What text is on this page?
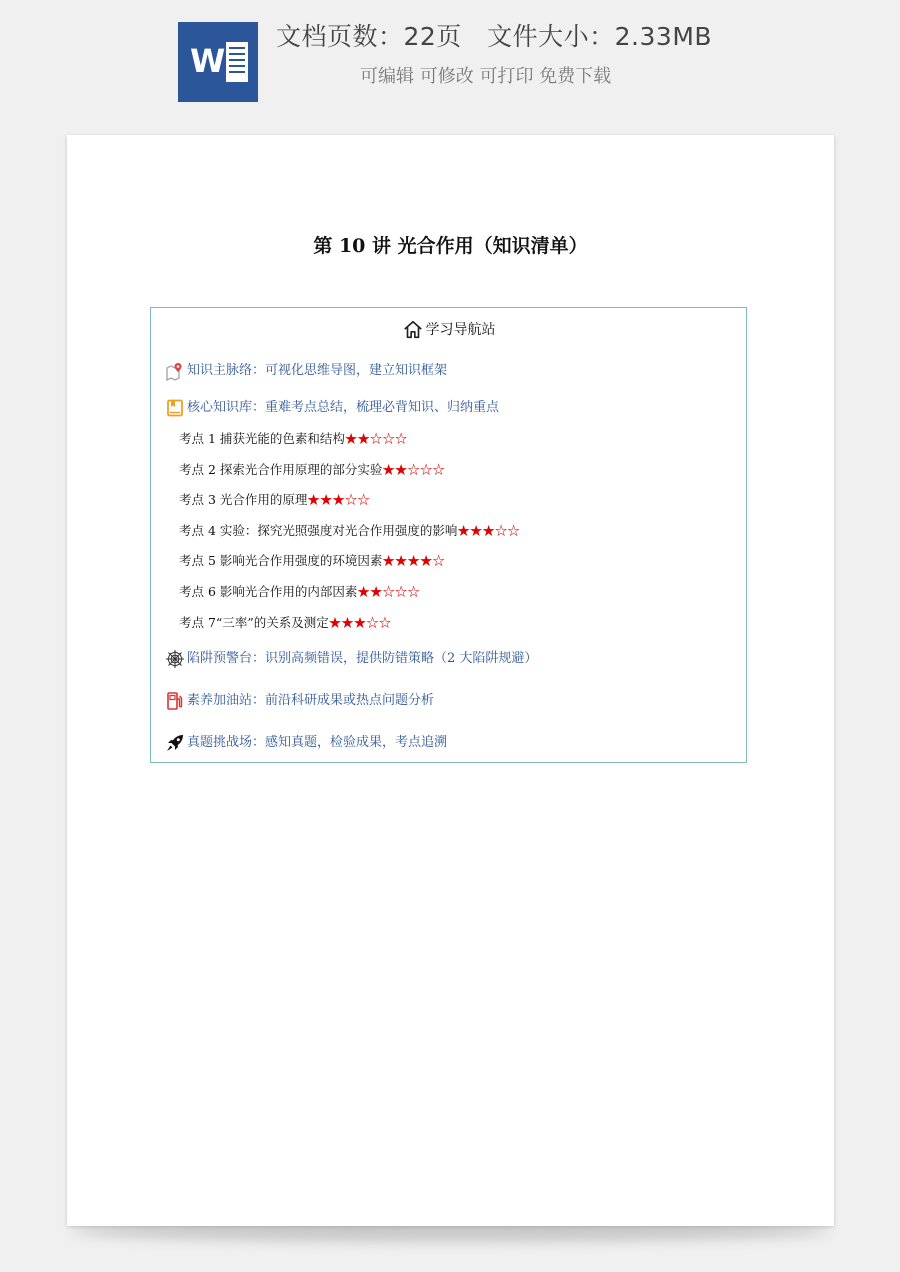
W
文档页数：22页   文件大小：2.33MB
可编辑 可修改 可打印 免费下载
第 10 讲 光合作用（知识清单）
学习导航站
知识主脉络：可视化思维导图，建立知识框架
核心知识库：重难考点总结，梳理必背知识、归纳重点
考点 1 捕获光能的色素和结构★★☆☆☆
考点 2 探索光合作用原理的部分实验★★☆☆☆
考点 3 光合作用的原理★★★☆☆
考点 4 实验：探究光照强度对光合作用强度的影响★★★☆☆
考点 5 影响光合作用强度的环境因素★★★★☆
考点 6 影响光合作用的内部因素★★☆☆☆
考点 7“三率”的关系及测定★★★☆☆
陷阱预警台：识别高频错误，提供防错策略（2 大陷阱规避）
素养加油站：前沿科研成果或热点问题分析
真题挑战场：感知真题，检验成果，考点追溯
